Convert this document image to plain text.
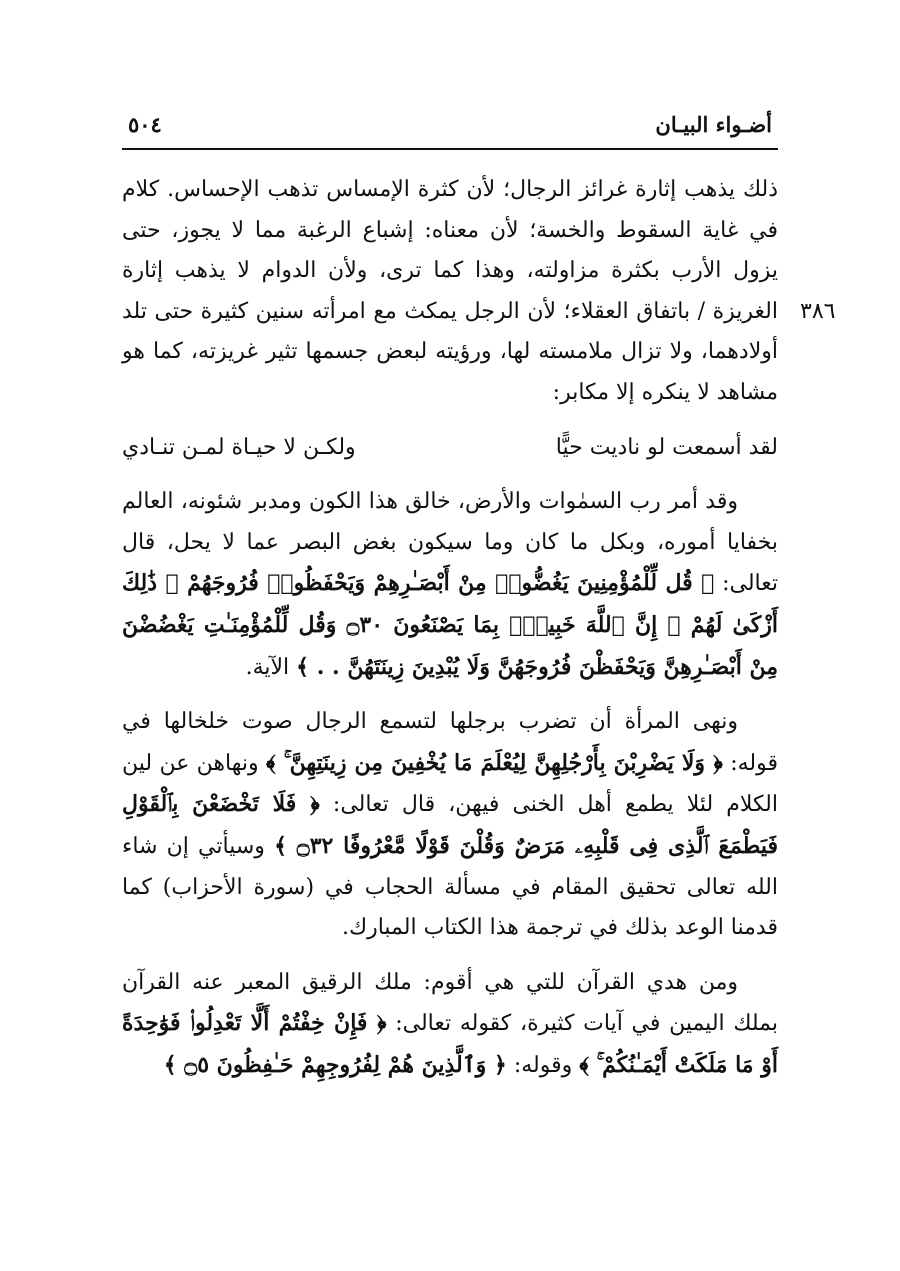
أضـواء البيـان
٥٠٤
٣٨٦

ذلك يذهب إثارة غرائز الرجال؛ لأن كثرة الإمساس تذهب الإحساس. كلام في غاية السقوط والخسة؛ لأن معناه: إشباع الرغبة مما لا يجوز، حتى يزول الأرب بكثرة مزاولته، وهذا كما ترى، ولأن الدوام لا يذهب إثارة الغريزة / باتفاق العقلاء؛ لأن الرجل يمكث مع امرأته سنين كثيرة حتى تلد أولادهما، ولا تزال ملامسته لها، ورؤيته لبعض جسمها تثير غريزته، كما هو مشاهد لا ينكره إلا مكابر:

لقد أسمعت لو ناديت حيًّا
ولكـن لا حيـاة لمـن تنـادي

وقد أمر رب السمٰوات والأرض، خالق هذا الكون ومدبر شئونه، العالم بخفايا أموره، وبكل ما كان وما سيكون بغض البصر عما لا يحل، قال تعالى: ﴿ قُل لِّلْمُؤْمِنِينَ يَغُضُّوا۟ مِنْ أَبْصَـٰرِهِمْ وَيَحْفَظُوا۟ فُرُوجَهُمْ ۚ ذَٰلِكَ أَزْكَىٰ لَهُمْ ۗ إِنَّ ٱللَّهَ خَبِيرٌۢ بِمَا يَصْنَعُونَ ۝٣٠ وَقُل لِّلْمُؤْمِنَـٰتِ يَغْضُضْنَ مِنْ أَبْصَـٰرِهِنَّ وَيَحْفَظْنَ فُرُوجَهُنَّ وَلَا يُبْدِينَ زِينَتَهُنَّ . . ﴾ الآية.

ونهى المرأة أن تضرب برجلها لتسمع الرجال صوت خلخالها في قوله: ﴿ وَلَا يَضْرِبْنَ بِأَرْجُلِهِنَّ لِيُعْلَمَ مَا يُخْفِينَ مِن زِينَتِهِنَّ ۚ ﴾ ونهاهن عن لين الكلام لئلا يطمع أهل الخنى فيهن، قال تعالى: ﴿ فَلَا تَخْضَعْنَ بِٱلْقَوْلِ فَيَطْمَعَ ٱلَّذِى فِى قَلْبِهِۦ مَرَضٌ وَقُلْنَ قَوْلًا مَّعْرُوفًا ۝٣٢ ﴾ وسيأتي إن شاء الله تعالى تحقيق المقام في مسألة الحجاب في (سورة الأحزاب) كما قدمنا الوعد بذلك في ترجمة هذا الكتاب المبارك.

ومن هدي القرآن للتي هي أقوم: ملك الرقيق المعبر عنه القرآن بملك اليمين في آيات كثيرة، كقوله تعالى: ﴿ فَإِنْ خِفْتُمْ أَلَّا تَعْدِلُوا۟ فَوَٰحِدَةً أَوْ مَا مَلَكَتْ أَيْمَـٰنُكُمْ ۚ ﴾ وقوله: ﴿ وَٱلَّذِينَ هُمْ لِفُرُوجِهِمْ حَـٰفِظُونَ ۝٥ ﴾
